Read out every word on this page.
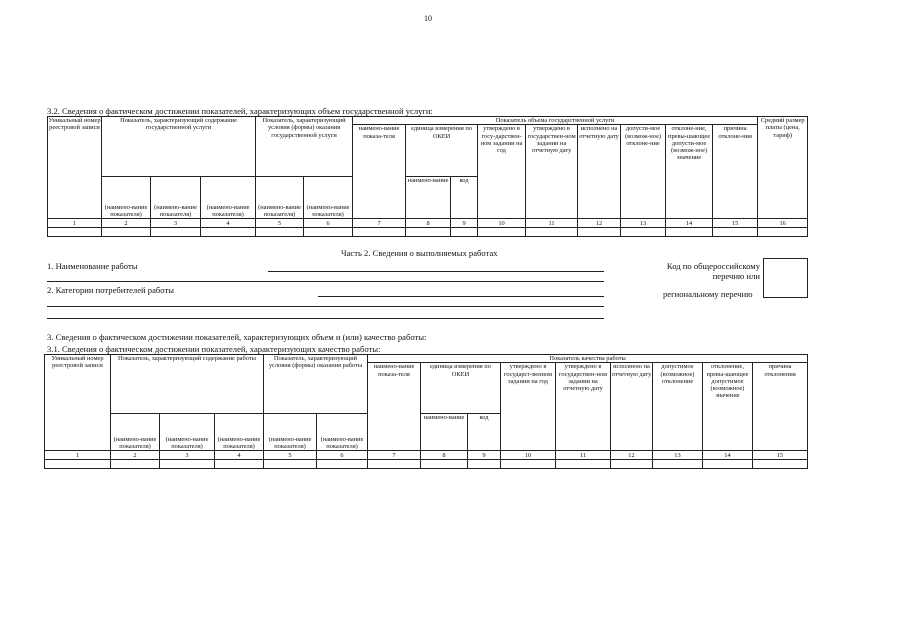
10
3.2. Сведения о фактическом достижении показателей, характеризующих объем государственной услуги:
Уникальный номер реестровой записи	Показатель, характеризующий содержание государственной услуги			Показатель, характеризующий условия (формы) оказания государственной услуги		Показатель объема государственной услуги									Средний размер платы (цена, тариф)
						наимено-вание показа-теля	единица измерения по ОКЕИ		утверждено в госу-дарствен-ном задании на год	утверждено в государствен-ном задании на отчетную дату	исполнено на отчетную дату	допусти-мое (возмож-ное) отклоне-ние	отклоне-ние, превы-шающее допусти-мое (возмож-ное) значение	причина отклоне-ния	
	(наимено-вание показателя)	(наимено-вание показателя)	(наимено-вание показателя)	(наимено-вание показателя)	(наимено-вание показателя)		наимено-вание	код							
1	2	3	4	5	6	7	8	9	10	11	12	13	14	15	16

Часть 2. Сведения о выполняемых работах
1. Наименование работы
2. Категории потребителей работы
Код по общероссийскому
перечню или
региональному перечню
3. Сведения о фактическом достижении показателей, характеризующих объем и (или) качество работы:
3.1. Сведения о фактическом достижении показателей, характеризующих качество работы:
Уникальный номер реестровой записи	Показатель, характеризующий содержание работы			Показатель, характеризующий условия (формы) оказания работы		Показатель качества работы								
						наимено-вание показа-теля	единица измерения по ОКЕИ		утверждено в государст-венном задании на год	утверждено в государствен-ном задании на отчетную дату	исполнено на отчетную дату	допустимое (возможное) отклонение	отклонение, превы-шающее допустимое (возможное) значение	причина отклонения
	(наимено-вание показателя)	(наимено-вание показателя)	(наимено-вание показателя)	(наимено-вание показателя)	(наимено-вание показателя)		наимено-вание	код						
1	2	3	4	5	6	7	8	9	10	11	12	13	14	15
